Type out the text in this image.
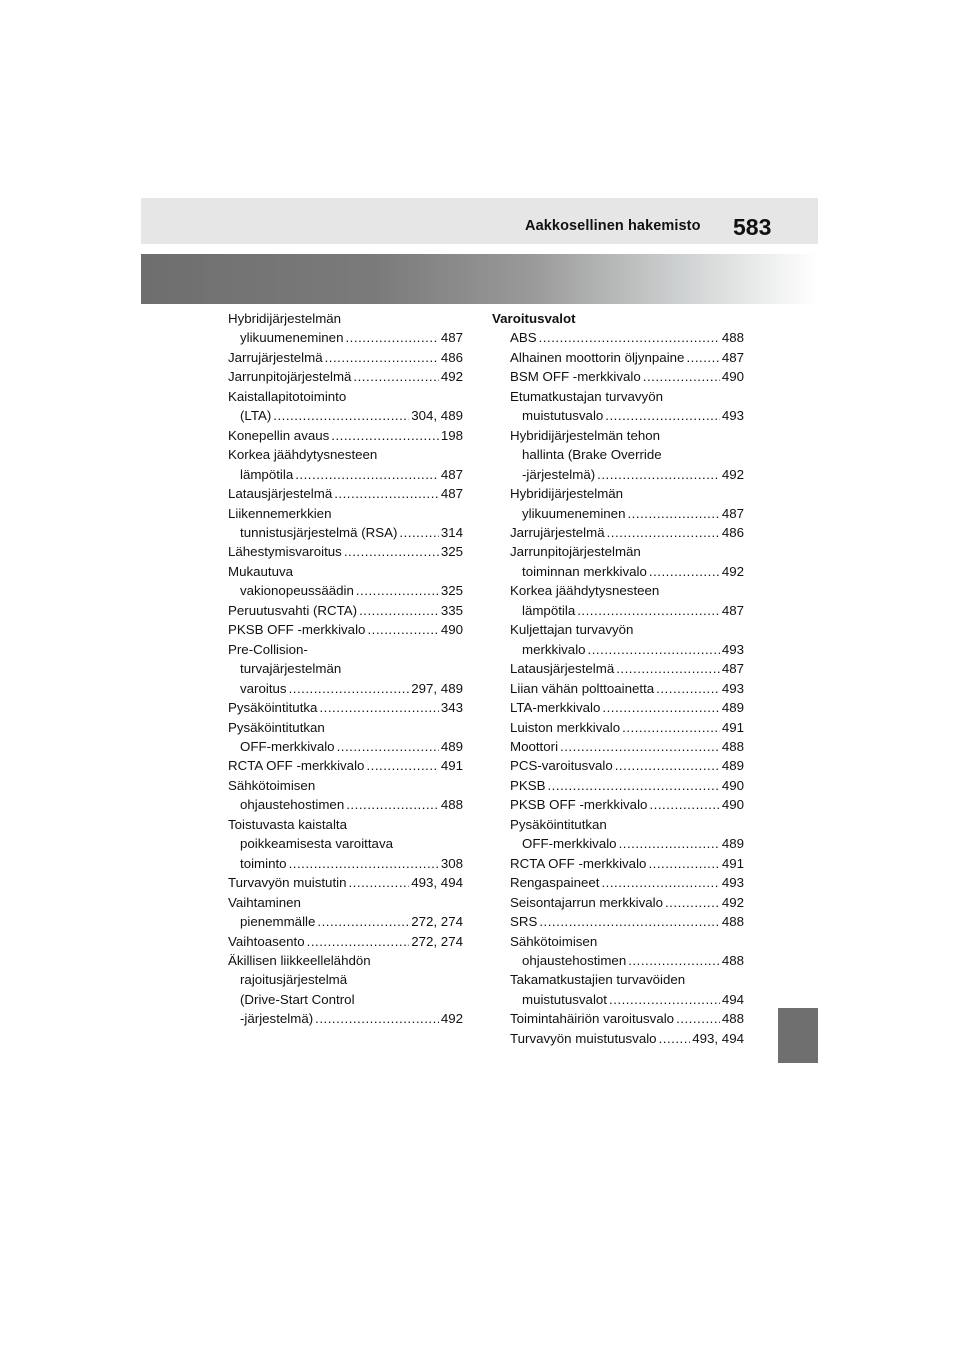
Aakkosellinen hakemisto 583
Hybridijärjestelmän
ylikuumeneminen .....	487
Jarrujärjestelmä .....	486
Jarrunpitojärjestelmä .....	492
Kaistallapitotoiminto
(LTA) .....	304, 489
Konepellin avaus .....	198
Korkea jäähdytysnesteen
lämpötila .....	487
Latausjärjestelmä .....	487
Liikennemerkkien
tunnistusjärjestelmä (RSA) .....	314
Lähestymisvaroitus .....	325
Mukautuva
vakionopeussäädin .....	325
Peruutusvahti (RCTA) .....	335
PKSB OFF -merkkivalo .....	490
Pre-Collision-
turvajärjestelmän
varoitus .....	297, 489
Pysäköintitutka .....	343
Pysäköintitutkan
OFF-merkkivalo .....	489
RCTA OFF -merkkivalo .....	491
Sähkötoimisen
ohjaustehostimen .....	488
Toistuvasta kaistalta
poikkeamisesta varoittava
toiminto .....	308
Turvavyön muistutin .....	493, 494
Vaihtaminen
pienemmälle .....	272, 274
Vaihtoasento .....	272, 274
Äkillisen liikkeellelähdön
rajoitusjärjestelmä
(Drive-Start Control
-järjestelmä) .....	492
Varoitusvalot
ABS .....	488
Alhainen moottorin öljynpaine .....	487
BSM OFF -merkkivalo .....	490
Etumatkustajan turvavyön
muistutusvalo .....	493
Hybridijärjestelmän tehon
hallinta (Brake Override
-järjestelmä) .....	492
Hybridijärjestelmän
ylikuumeneminen .....	487
Jarrujärjestelmä .....	486
Jarrunpitojärjestelmän
toiminnan merkkivalo .....	492
Korkea jäähdytysnesteen
lämpötila .....	487
Kuljettajan turvavyön
merkkivalo .....	493
Latausjärjestelmä .....	487
Liian vähän polttoainetta .....	493
LTA-merkkivalo .....	489
Luiston merkkivalo .....	491
Moottori .....	488
PCS-varoitusvalo .....	489
PKSB .....	490
PKSB OFF -merkkivalo .....	490
Pysäköintitutkan
OFF-merkkivalo .....	489
RCTA OFF -merkkivalo .....	491
Rengaspaineet .....	493
Seisontajarrun merkkivalo .....	492
SRS .....	488
Sähkötoimisen
ohjaustehostimen .....	488
Takamatkustajien turvavöiden
muistutusvalot .....	494
Toimintahäiriön varoitusvalo .....	488
Turvavyön muistutusvalo .....	493, 494
